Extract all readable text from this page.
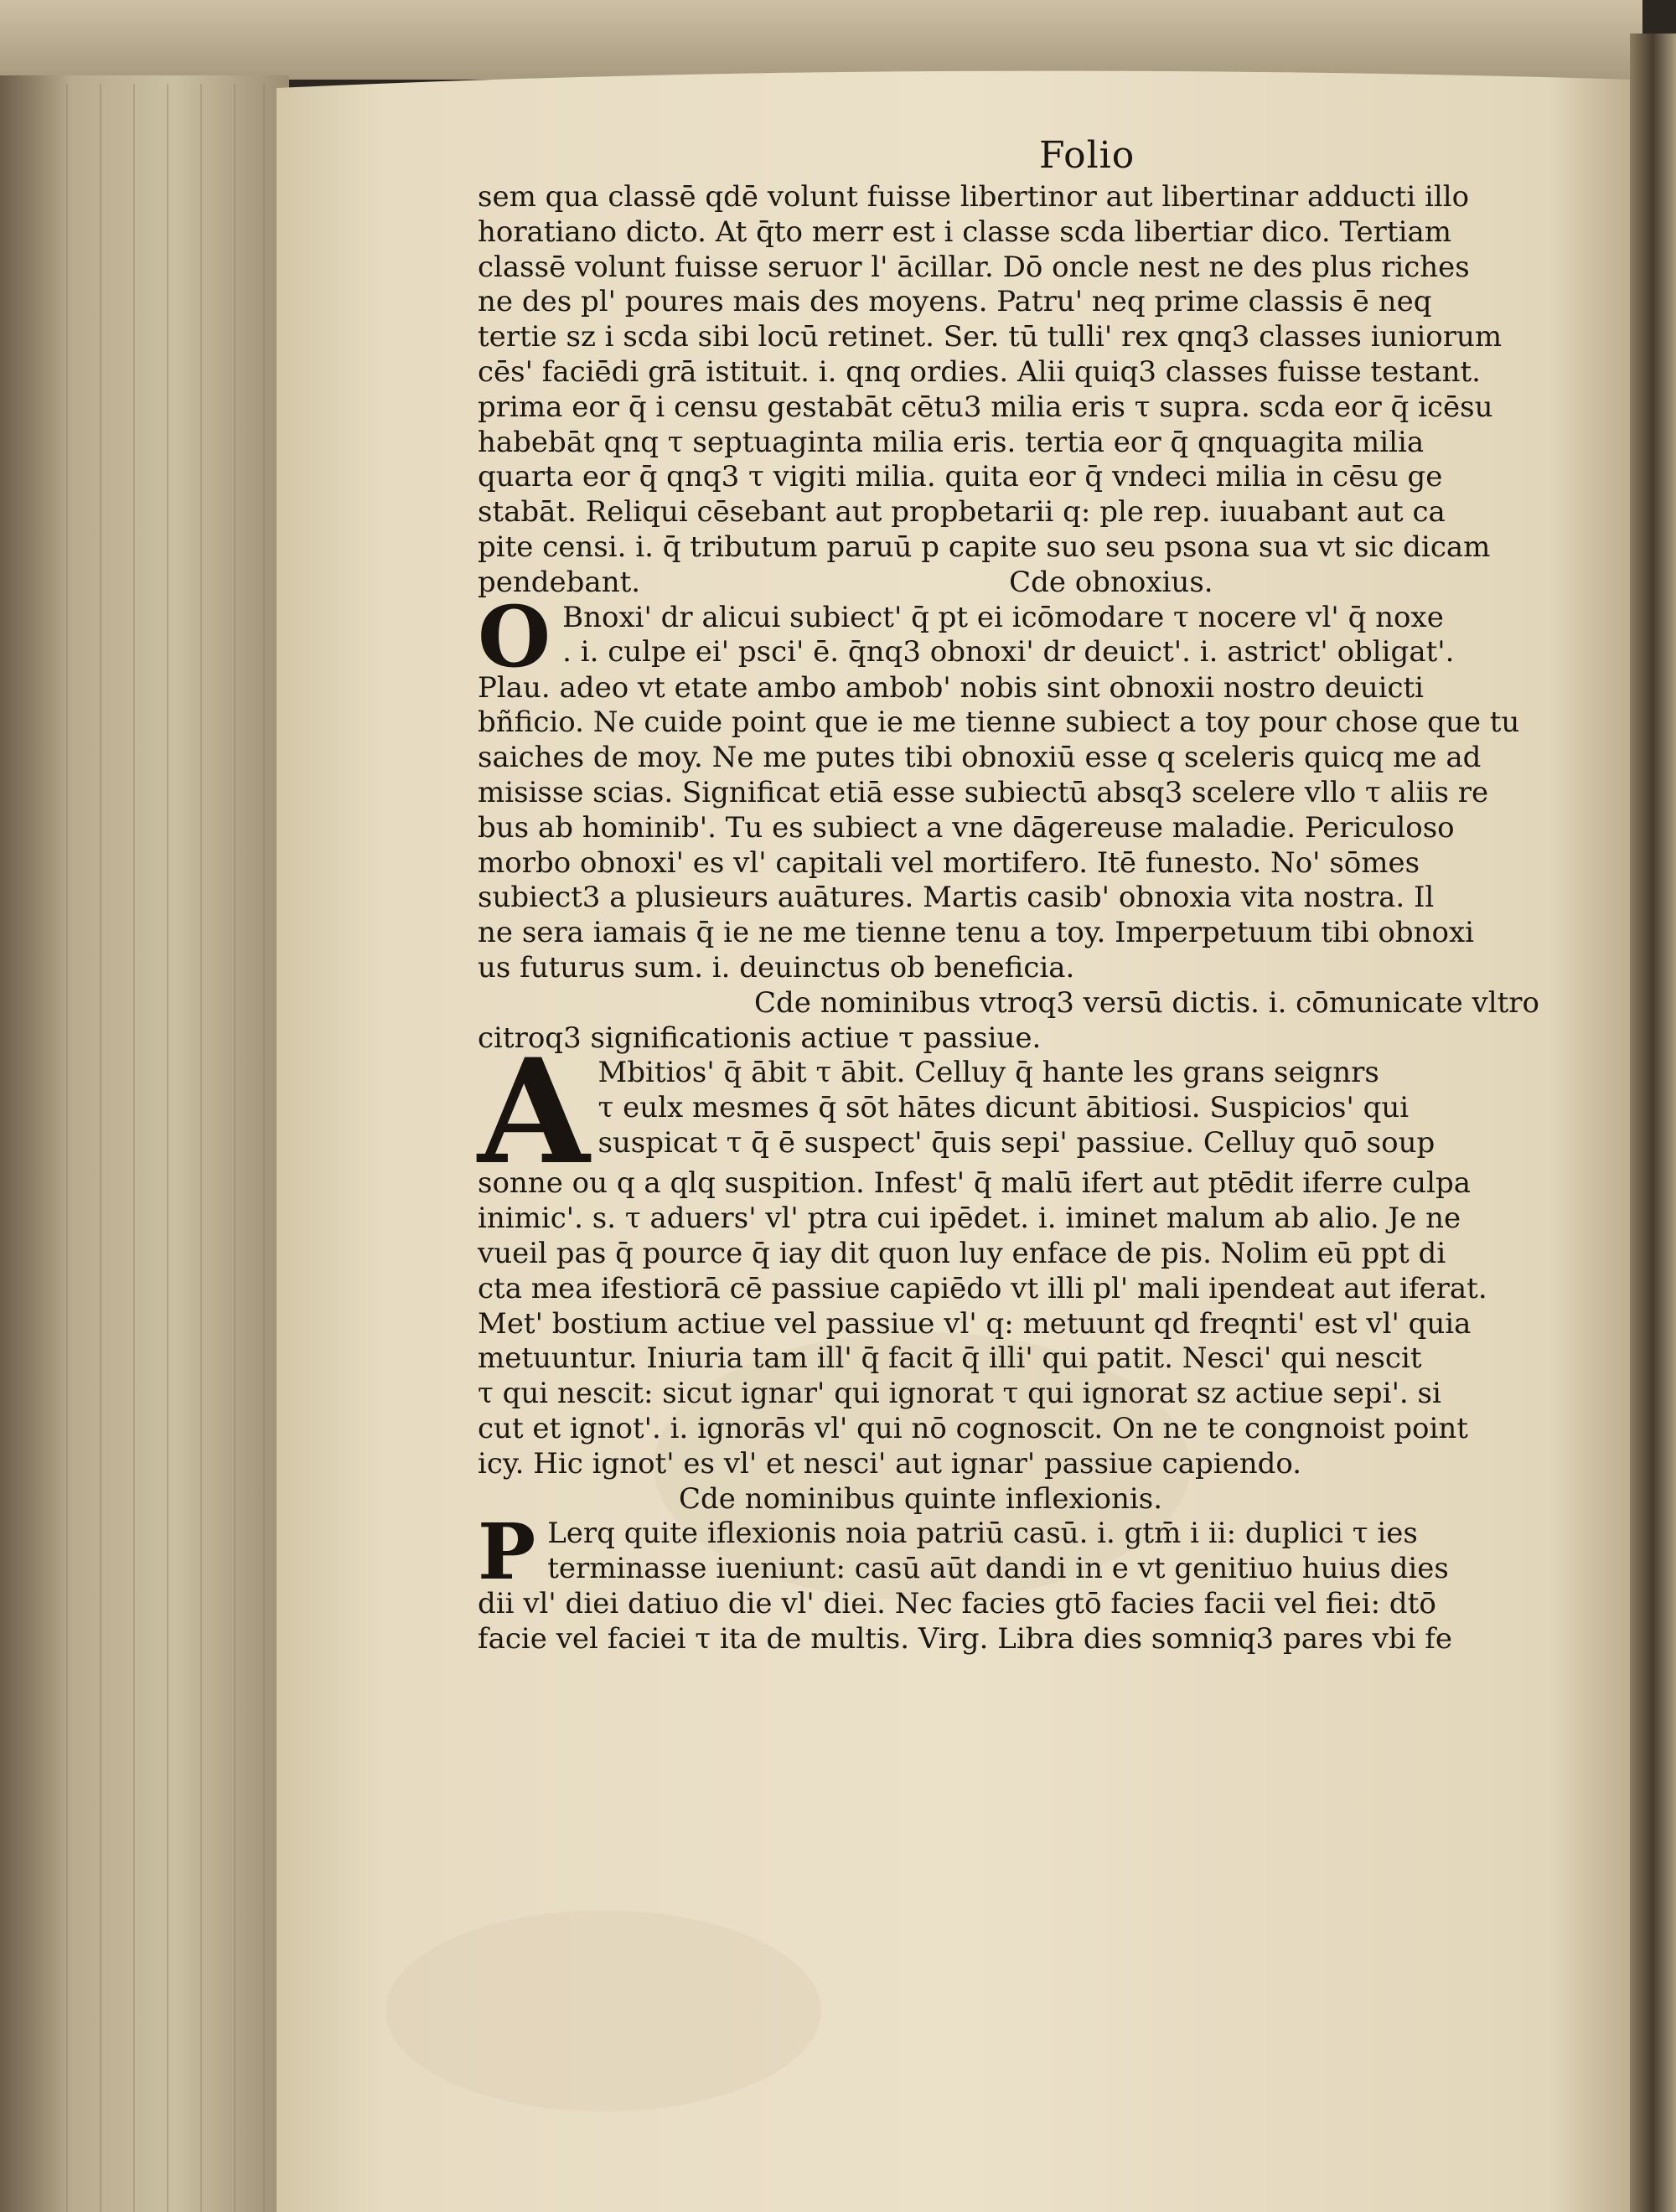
Folio
sem qua classē qdē volunt fuisse libertinor aut libertinar adducti illo
horatiano dicto. At q̄to merr est i classe scda libertiar dico. Tertiam
classē volunt fuisse seruor l' ācillar. Dō oncle nest ne des plus riches
ne des pl' poures mais des moyens. Patru' neq prime classis ē neq
tertie sz i scda sibi locū retinet. Ser. tū tulli' rex qnq3 classes iuniorum
cēs' faciēdi grā istituit. i. qnq ordies. Alii quiq3 classes fuisse testant.
prima eor q̄ i censu gestabāt cētu3 milia eris τ supra. scda eor q̄ icēsu
habebāt qnq τ septuaginta milia eris. tertia eor q̄ qnquagita milia
quarta eor q̄ qnq3 τ vigiti milia. quita eor q̄ vndeci milia in cēsu ge
stabāt. Reliqui cēsebant aut propbetarii q: ple rep. iuuabant aut ca
pite censi. i. q̄ tributum paruū p capite suo seu psona sua vt sic dicam
pendebant.	Cde obnoxius.
O Bnoxi' dr alicui subiect' q̄ pt ei icōmodare τ nocere vl' q̄ noxe
. i. culpe ei' psci' ē. q̄nq3 obnoxi' dr deuict'. i. astrict' obligat'.
Plau. adeo vt etate ambo ambob' nobis sint obnoxii nostro deuicti
bñficio. Ne cuide point que ie me tienne subiect a toy pour chose que tu
saiches de moy. Ne me putes tibi obnoxiū esse q sceleris quicq me ad
misisse scias. Significat etiā esse subiectū absq3 scelere vllo τ aliis re
bus ab hominib'. Tu es subiect a vne dāgereuse maladie. Periculoso
morbo obnoxi' es vl' capitali vel mortifero. Itē funesto. No' sōmes
subiect3 a plusieurs auātures. Martis casib' obnoxia vita nostra. Il
ne sera iamais q̄ ie ne me tienne tenu a toy. Imperpetuum tibi obnoxi
us futurus sum. i. deuinctus ob beneficia.
Cde nominibus vtroq3 versū dictis. i. cōmunicate vltro
citroq3 significationis actiue τ passiue.
A Mbitios' q̄ ābit τ ābit. Celluy q̄ hante les grans seignrs
τ eulx mesmes q̄ sōt hātes dicunt ābitiosi. Suspicios' qui
suspicat τ q̄ ē suspect' q̄uis sepi' passiue. Celluy quō soup
sonne ou q a qlq suspition. Infest' q̄ malū ifert aut ptēdit iferre culpa
inimic'. s. τ aduers' vl' ptra cui ipēdet. i. iminet malum ab alio. Je ne
vueil pas q̄ pource q̄ iay dit quon luy enface de pis. Nolim eū ppt di
cta mea ifestiorā cē passiue capiēdo vt illi pl' mali ipendeat aut iferat.
Met' bostium actiue vel passiue vl' q: metuunt qd freqnti' est vl' quia
metuuntur. Iniuria tam ill' q̄ facit q̄ illi' qui patit. Nesci' qui nescit
τ qui nescit: sicut ignar' qui ignorat τ qui ignorat sz actiue sepi'. si
cut et ignot'. i. ignorās vl' qui nō cognoscit. On ne te congnoist point
icy. Hic ignot' es vl' et nesci' aut ignar' passiue capiendo.
Cde nominibus quinte inflexionis.
P Lerq quite iflexionis noia patriū casū. i. gtm̄ i ii: duplici τ ies
terminasse iueniunt: casū aūt dandi in e vt genitiuo huius dies
dii vl' diei datiuo die vl' diei. Nec facies gtō facies facii vel fiei: dtō
facie vel faciei τ ita de multis. Virg. Libra dies somniq3 pares vbi fe
